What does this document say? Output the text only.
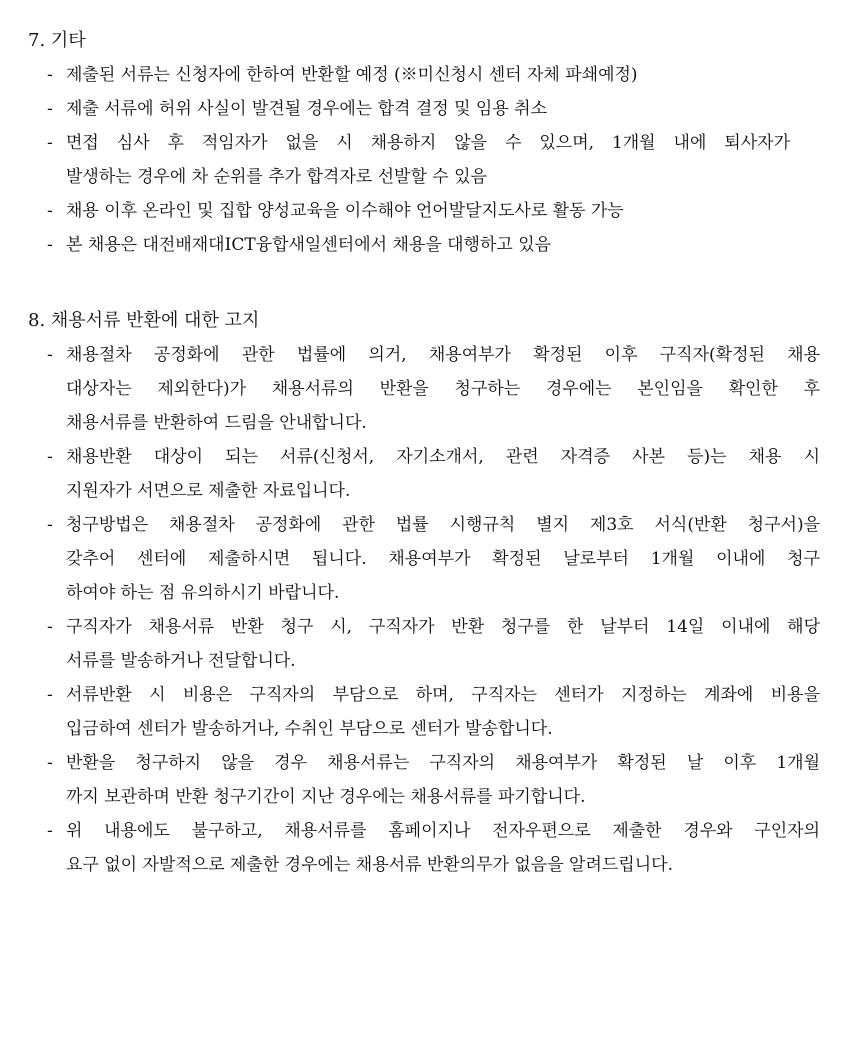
7. 기타
- 제출된 서류는 신청자에 한하여 반환할 예정 (※미신청시 센터 자체 파쇄예정)
- 제출 서류에 허위 사실이 발견될 경우에는 합격 결정 및 임용 취소
- 면접 심사 후 적임자가 없을 시 채용하지 않을 수 있으며, 1개월 내에 퇴사자가
발생하는 경우에 차 순위를 추가 합격자로 선발할 수 있음
- 채용 이후 온라인 및 집합 양성교육을 이수해야 언어발달지도사로 활동 가능
- 본 채용은 대전배재대ICT융합새일센터에서 채용을 대행하고 있음
8. 채용서류 반환에 대한 고지
- 채용절차 공정화에 관한 법률에 의거, 채용여부가 확정된 이후 구직자(확정된 채용
대상자는 제외한다)가 채용서류의 반환을 청구하는 경우에는 본인임을 확인한 후
채용서류를 반환하여 드림을 안내합니다.
- 채용반환 대상이 되는 서류(신청서, 자기소개서, 관련 자격증 사본 등)는 채용 시
지원자가 서면으로 제출한 자료입니다.
- 청구방법은 채용절차 공정화에 관한 법률 시행규칙 별지 제3호 서식(반환 청구서)을
갖추어 센터에 제출하시면 됩니다. 채용여부가 확정된 날로부터 1개월 이내에 청구
하여야 하는 점 유의하시기 바랍니다.
- 구직자가 채용서류 반환 청구 시, 구직자가 반환 청구를 한 날부터 14일 이내에 해당
서류를 발송하거나 전달합니다.
- 서류반환 시 비용은 구직자의 부담으로 하며, 구직자는 센터가 지정하는 계좌에 비용을
입금하여 센터가 발송하거나, 수취인 부담으로 센터가 발송합니다.
- 반환을 청구하지 않을 경우 채용서류는 구직자의 채용여부가 확정된 날 이후 1개월
까지 보관하며 반환 청구기간이 지난 경우에는 채용서류를 파기합니다.
- 위 내용에도 불구하고, 채용서류를 홈페이지나 전자우편으로 제출한 경우와 구인자의
요구 없이 자발적으로 제출한 경우에는 채용서류 반환의무가 없음을 알려드립니다.
